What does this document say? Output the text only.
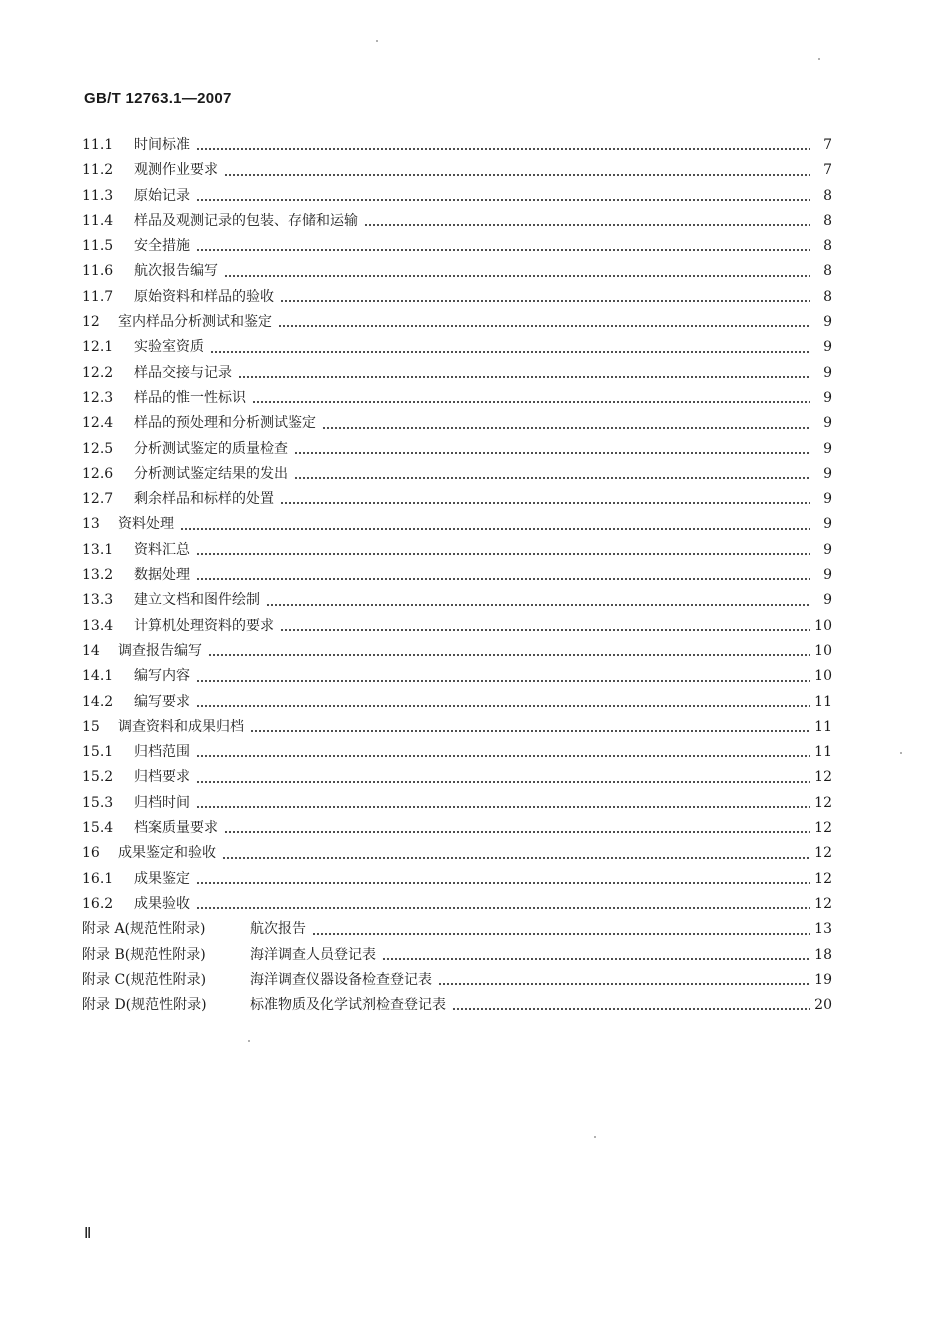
GB/T 12763.1—2007
11.1	时间标准	7
11.2	观测作业要求	7
11.3	原始记录	8
11.4	样品及观测记录的包装、存储和运输	8
11.5	安全措施	8
11.6	航次报告编写	8
11.7	原始资料和样品的验收	8
12	室内样品分析测试和鉴定	9
12.1	实验室资质	9
12.2	样品交接与记录	9
12.3	样品的惟一性标识	9
12.4	样品的预处理和分析测试鉴定	9
12.5	分析测试鉴定的质量检查	9
12.6	分析测试鉴定结果的发出	9
12.7	剩余样品和标样的处置	9
13	资料处理	9
13.1	资料汇总	9
13.2	数据处理	9
13.3	建立文档和图件绘制	9
13.4	计算机处理资料的要求	10
14	调查报告编写	10
14.1	编写内容	10
14.2	编写要求	11
15	调查资料和成果归档	11
15.1	归档范围	11
15.2	归档要求	12
15.3	归档时间	12
15.4	档案质量要求	12
16	成果鉴定和验收	12
16.1	成果鉴定	12
16.2	成果验收	12
附录 A(规范性附录)	航次报告	13
附录 B(规范性附录)	海洋调查人员登记表	18
附录 C(规范性附录)	海洋调查仪器设备检查登记表	19
附录 D(规范性附录)	标准物质及化学试剂检查登记表	20
Ⅱ
